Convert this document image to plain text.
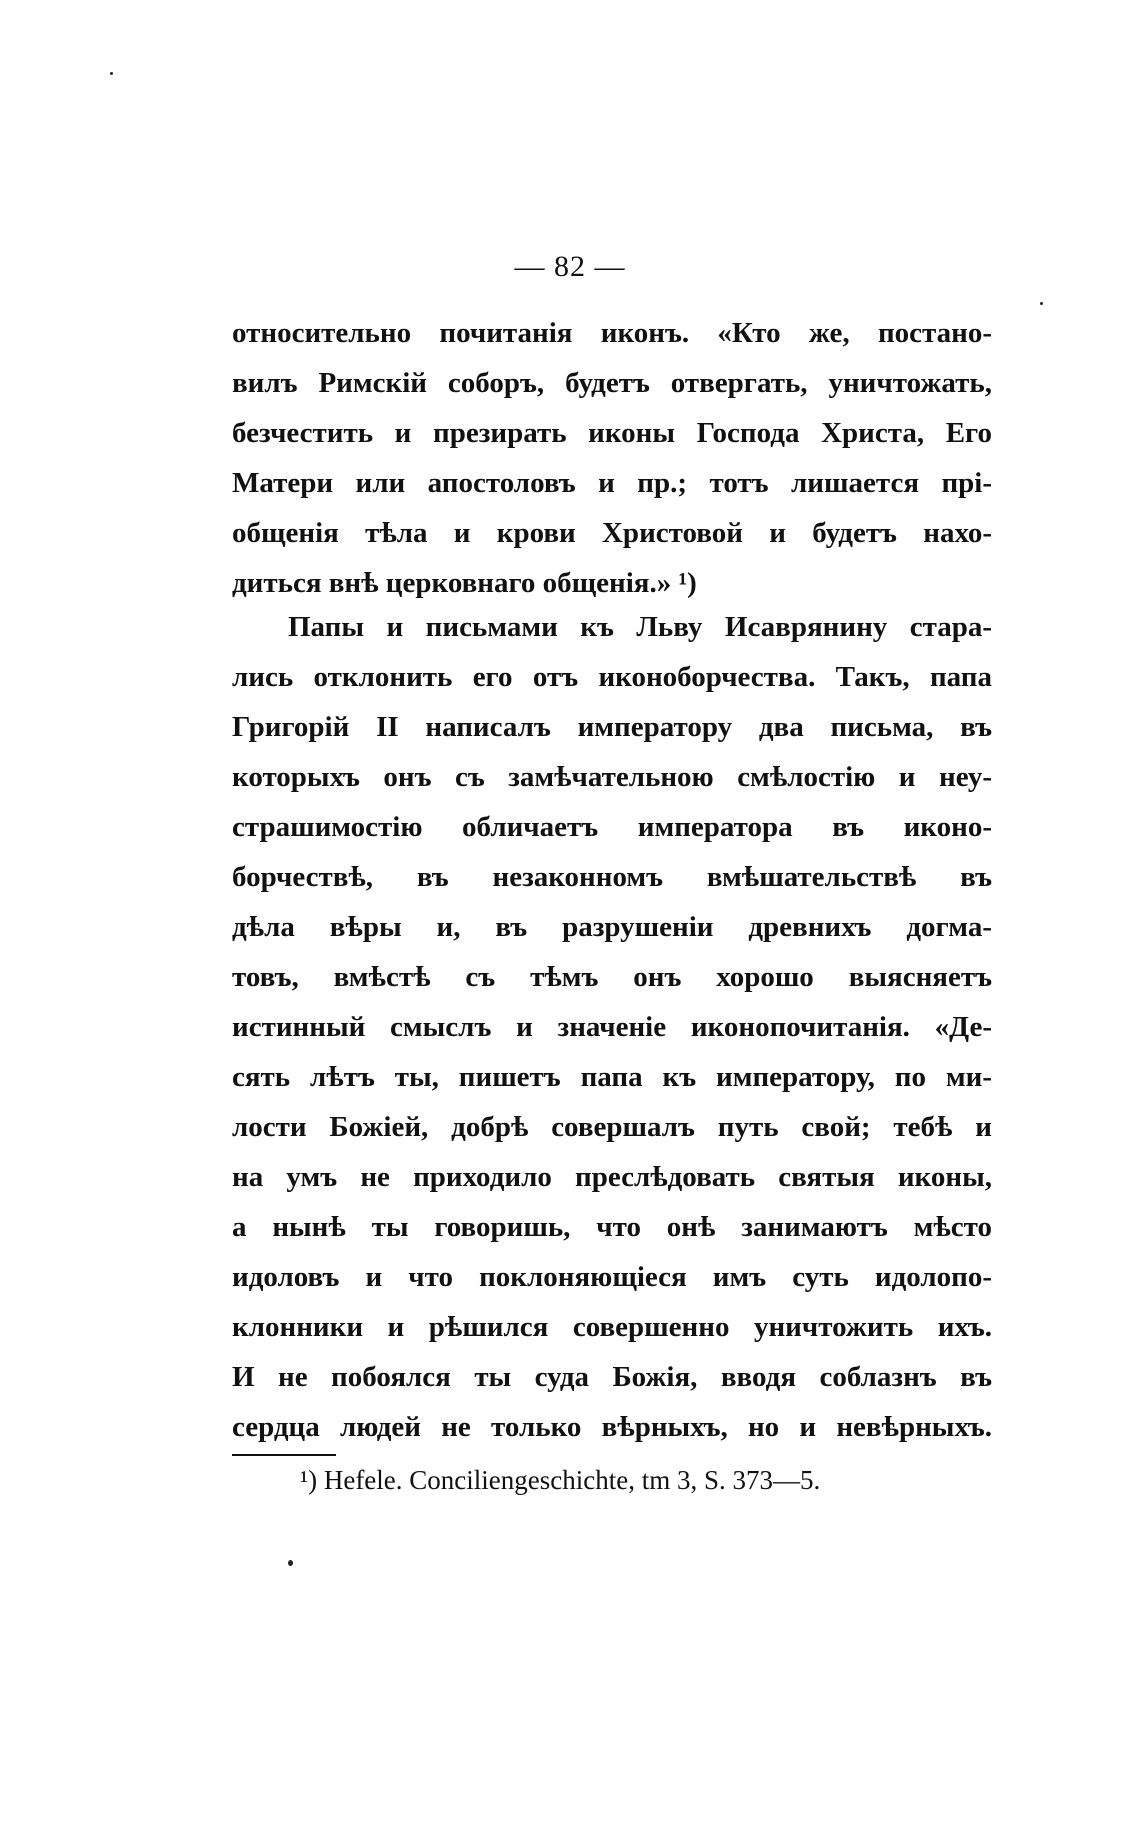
— 82 —
относительно почитанія иконъ. «Кто же, постано-
вилъ Римскій соборъ, будетъ отвергать, уничтожать,
безчестить и презирать иконы Господа Христа, Его
Матери или апостоловъ и пр.; тотъ лишается прі-
общенія тѣла и крови Христовой и будетъ нахо-
диться внѣ церковнаго общенія.» ¹)
Папы и письмами къ Льву Исаврянину стара-
лись отклонить его отъ иконоборчества. Такъ, папа
Григорій II написалъ императору два письма, въ
которыхъ онъ съ замѣчательною смѣлостію и неу-
страшимостію обличаетъ императора въ иконо-
борчествѣ, въ незаконномъ вмѣшательствѣ въ
дѣла вѣры и, въ разрушеніи древнихъ догма-
товъ, вмѣстѣ съ тѣмъ онъ хорошо выясняетъ
истинный смыслъ и значеніе иконопочитанія. «Де-
сять лѣтъ ты, пишетъ папа къ императору, по ми-
лости Божіей, добрѣ совершалъ путь свой; тебѣ и
на умъ не приходило преслѣдовать святыя иконы,
а нынѣ ты говоришь, что онѣ занимаютъ мѣсто
идоловъ и что поклоняющіеся имъ суть идолопо-
клонники и рѣшился совершенно уничтожить ихъ.
И не побоялся ты суда Божія, вводя соблазнъ въ
сердца людей не только вѣрныхъ, но и невѣрныхъ.
¹) Hefele. Conciliengeschichte, tm 3, S. 373—5.
